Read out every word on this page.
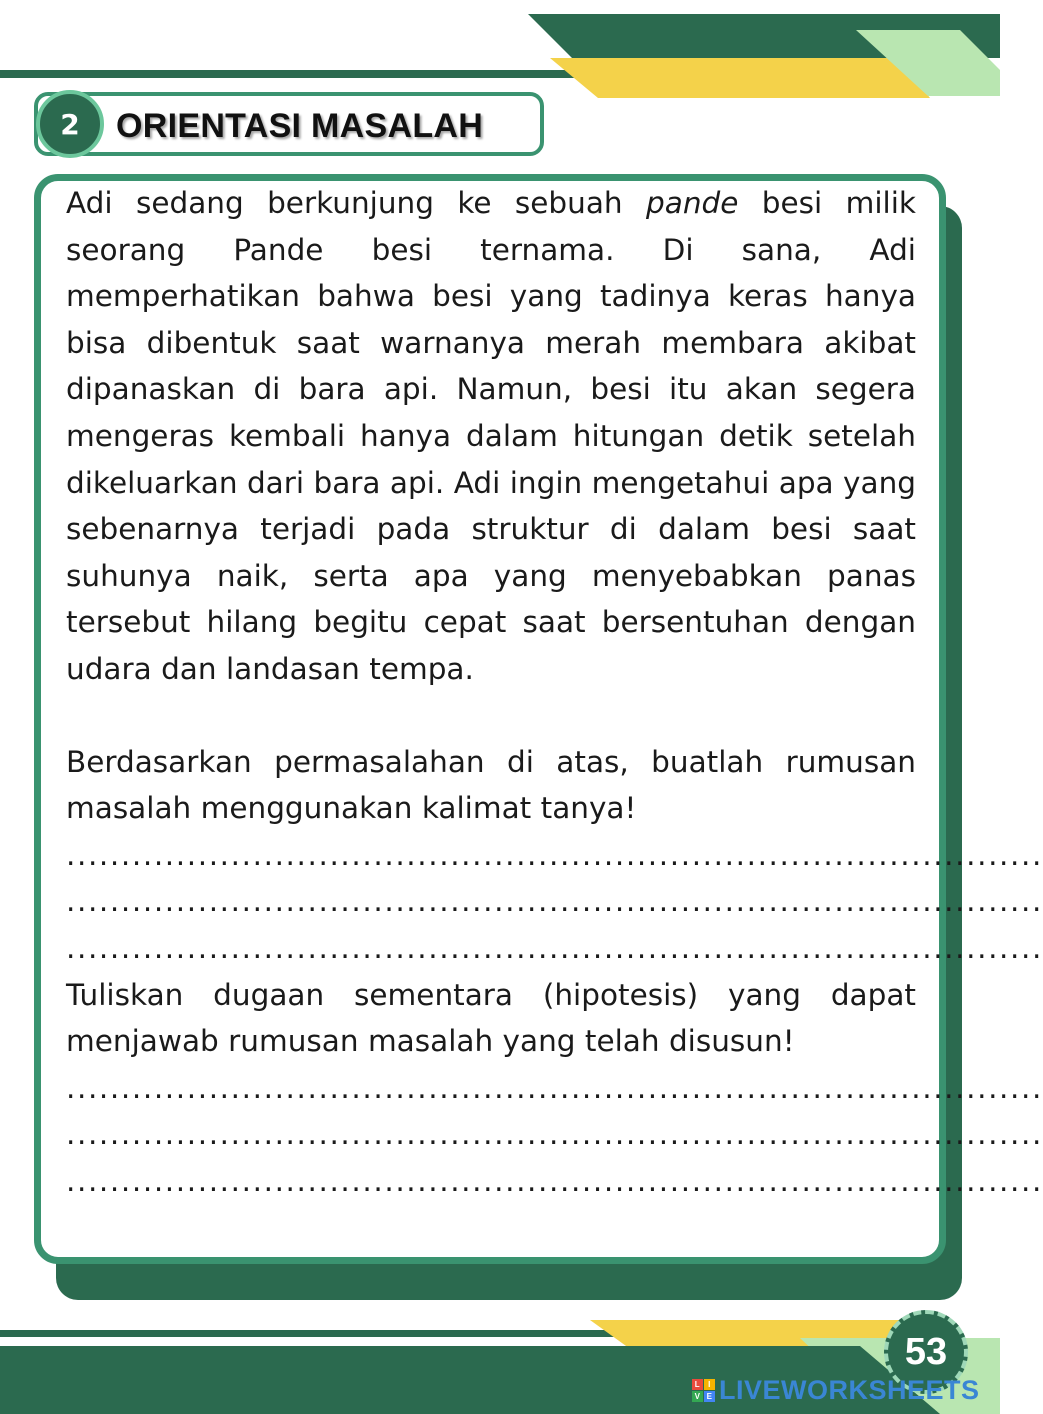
2	ORIENTASI MASALAH

Adi sedang berkunjung ke sebuah pande besi milik seorang Pande besi ternama. Di sana, Adi memperhatikan bahwa besi yang tadinya keras hanya bisa dibentuk saat warnanya merah membara akibat dipanaskan di bara api. Namun, besi itu akan segera mengeras kembali hanya dalam hitungan detik setelah dikeluarkan dari bara api. Adi ingin mengetahui apa yang sebenarnya terjadi pada struktur di dalam besi saat suhunya naik, serta apa yang menyebabkan panas tersebut hilang begitu cepat saat bersentuhan dengan udara dan landasan tempa.

Berdasarkan permasalahan di atas, buatlah rumusan masalah menggunakan kalimat tanya!

.........................................................................................
.........................................................................................
.........................................................................................

Tuliskan dugaan sementara (hipotesis) yang dapat menjawab rumusan masalah yang telah disusun!

.........................................................................................
.........................................................................................
.........................................................................................
53
L I
V E LIVEWORKSHEETS
